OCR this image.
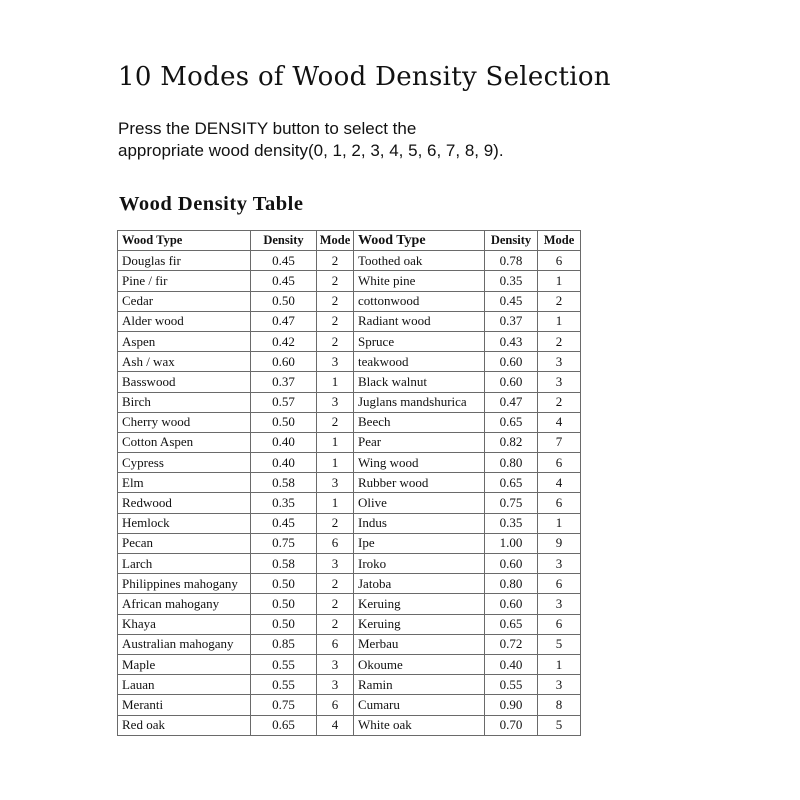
10 Modes of Wood Density Selection

Press the DENSITY button to select the
appropriate wood density(0, 1, 2, 3, 4, 5, 6, 7, 8, 9).

Wood Density Table
Wood Type	Density	Mode	Wood Type	Density	Mode
Douglas fir	0.45	2	Toothed oak	0.78	6
Pine / fir	0.45	2	White pine	0.35	1
Cedar	0.50	2	cottonwood	0.45	2
Alder wood	0.47	2	Radiant wood	0.37	1
Aspen	0.42	2	Spruce	0.43	2
Ash / wax	0.60	3	teakwood	0.60	3
Basswood	0.37	1	Black walnut	0.60	3
Birch	0.57	3	Juglans mandshurica	0.47	2
Cherry wood	0.50	2	Beech	0.65	4
Cotton Aspen	0.40	1	Pear	0.82	7
Cypress	0.40	1	Wing wood	0.80	6
Elm	0.58	3	Rubber wood	0.65	4
Redwood	0.35	1	Olive	0.75	6
Hemlock	0.45	2	Indus	0.35	1
Pecan	0.75	6	Ipe	1.00	9
Larch	0.58	3	Iroko	0.60	3
Philippines mahogany	0.50	2	Jatoba	0.80	6
African mahogany	0.50	2	Keruing	0.60	3
Khaya	0.50	2	Keruing	0.65	6
Australian mahogany	0.85	6	Merbau	0.72	5
Maple	0.55	3	Okoume	0.40	1
Lauan	0.55	3	Ramin	0.55	3
Meranti	0.75	6	Cumaru	0.90	8
Red oak	0.65	4	White oak	0.70	5
